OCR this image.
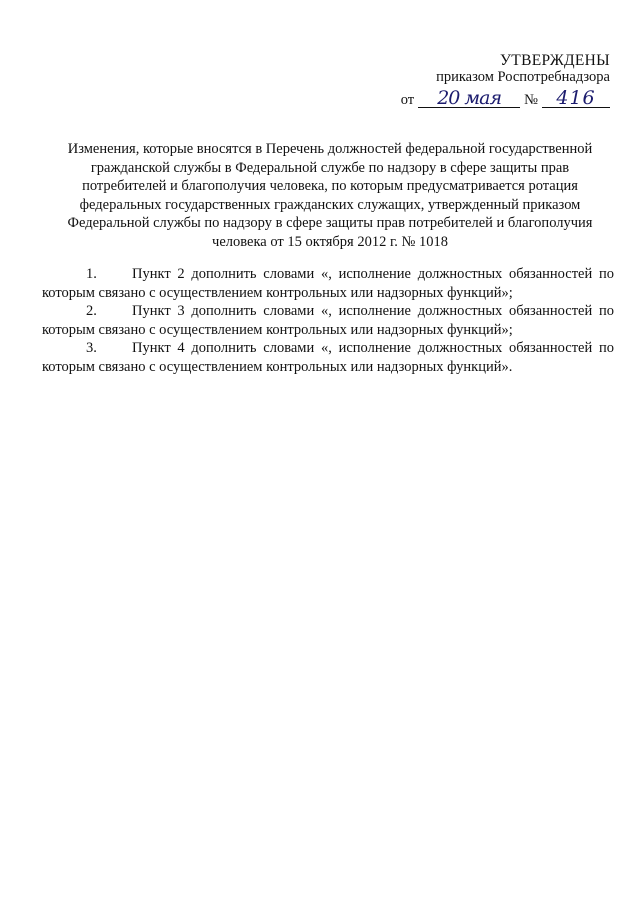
УТВЕРЖДЕНЫ
приказом Роспотребнадзора
от	20 мая	№ 416
Изменения, которые вносятся в Перечень должностей федеральной государственной гражданской службы в Федеральной службе по надзору в сфере защиты прав потребителей и благополучия человека, по которым предусматривается ротация федеральных государственных гражданских служащих, утвержденный приказом Федеральной службы по надзору в сфере защиты прав потребителей и благополучия человека от 15 октября 2012 г. № 1018

1. Пункт 2 дополнить словами «, исполнение должностных обязанностей по которым связано с осуществлением контрольных или надзорных функций»;

2. Пункт 3 дополнить словами «, исполнение должностных обязанностей по которым связано с осуществлением контрольных или надзорных функций»;

3. Пункт 4 дополнить словами «, исполнение должностных обязанностей по которым связано с осуществлением контрольных или надзорных функций».
